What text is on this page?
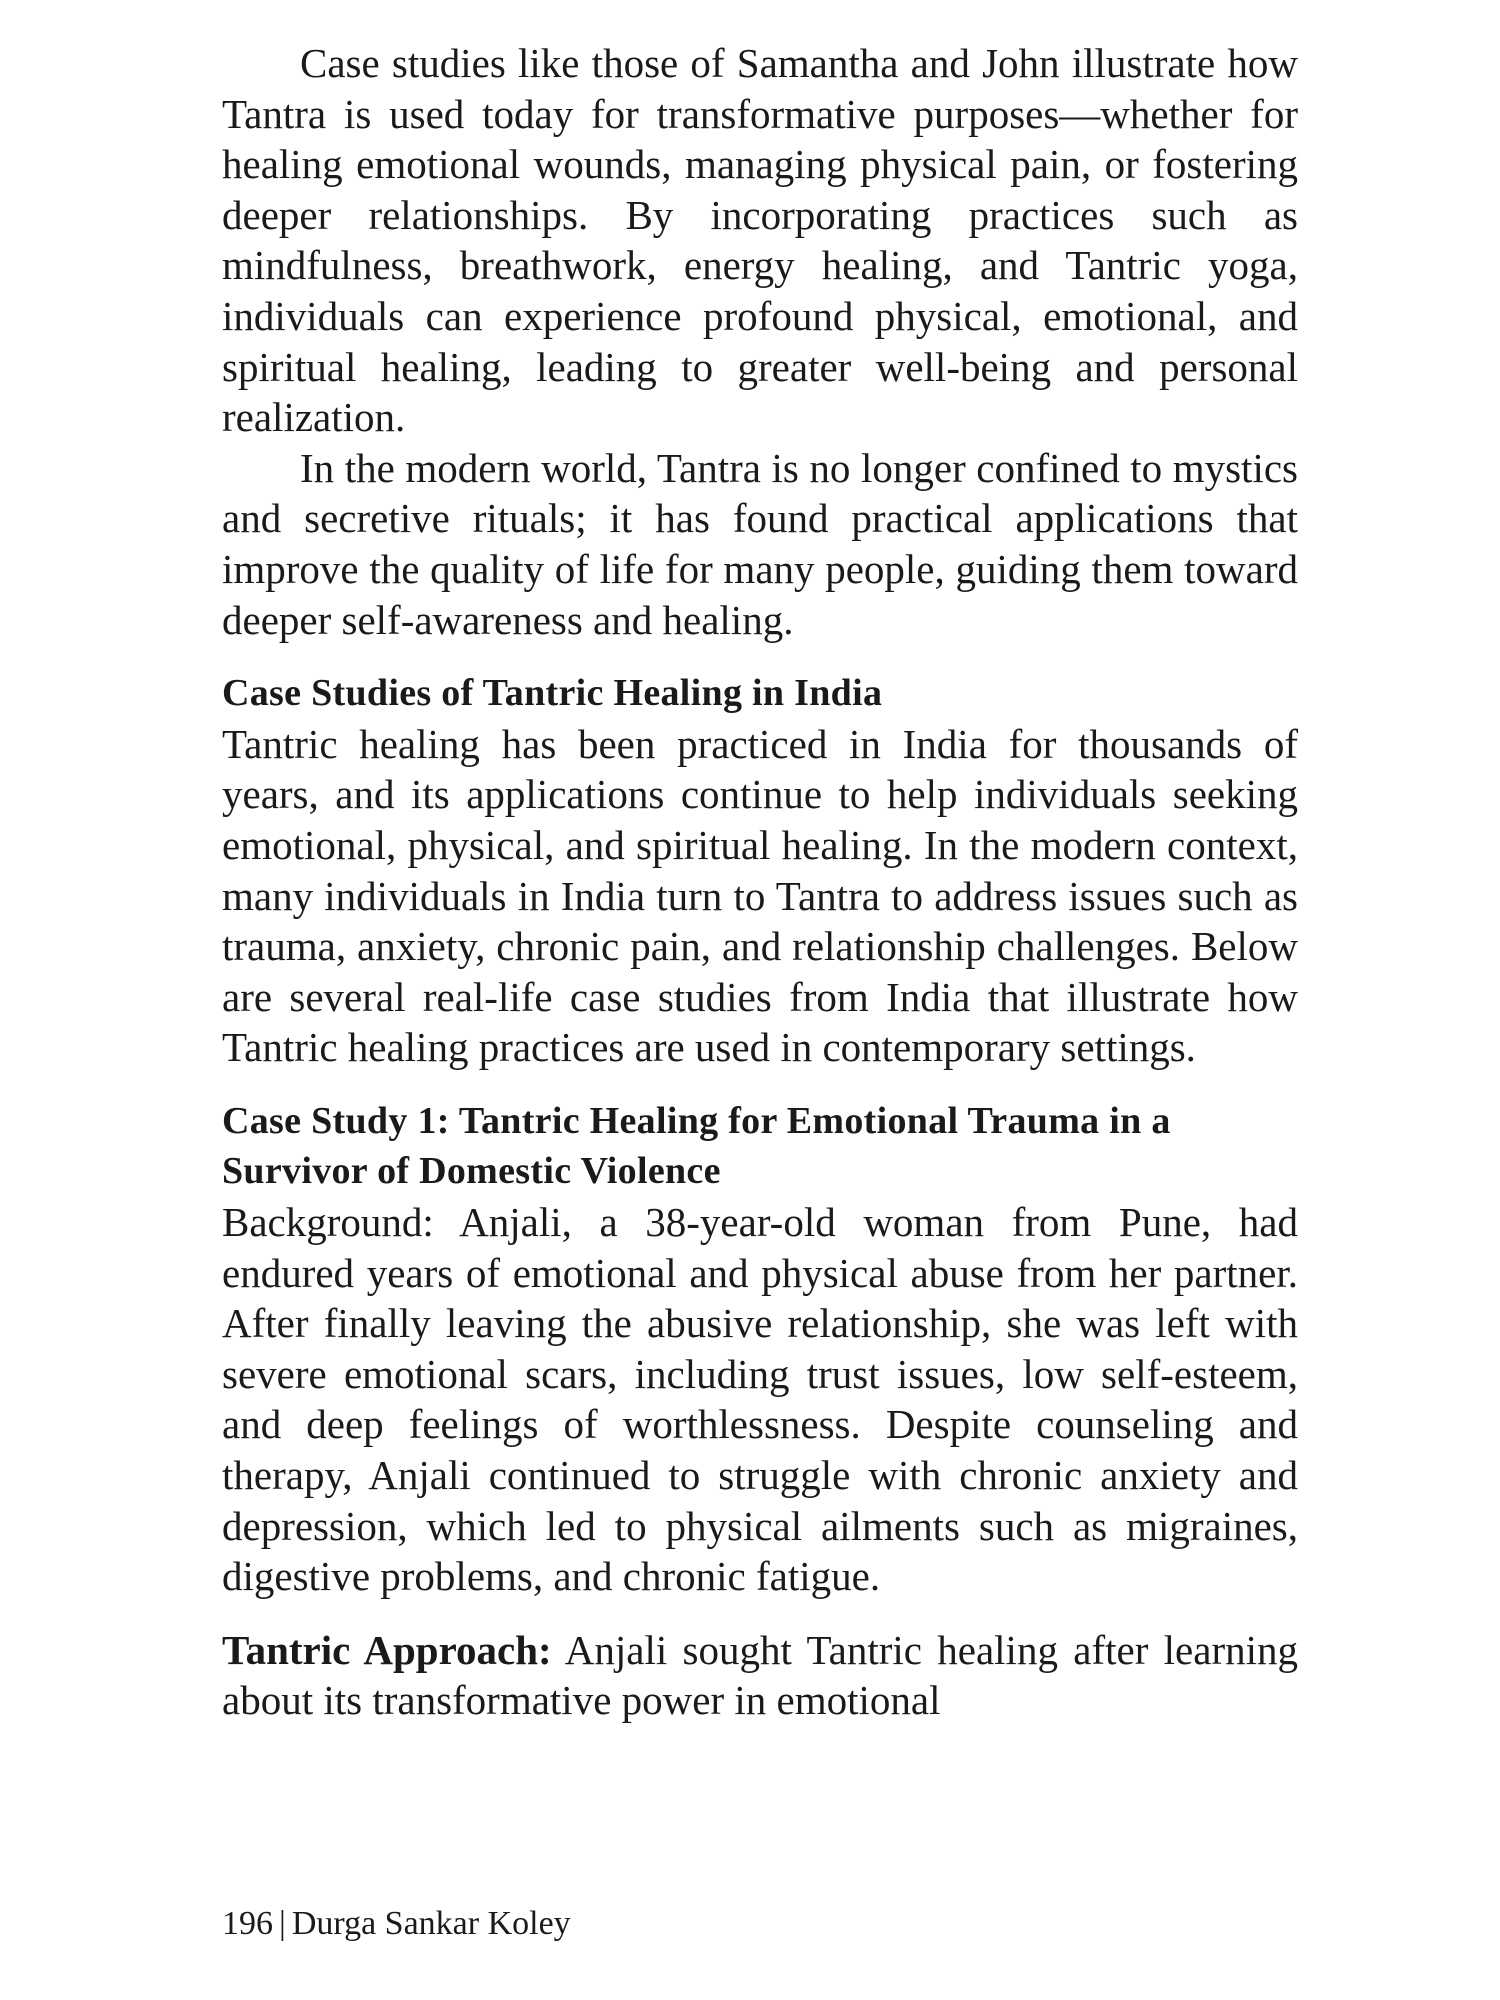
Case studies like those of Samantha and John illustrate how Tantra is used today for transformative purposes—whether for healing emotional wounds, managing physical pain, or fostering deeper relationships. By incorporating practices such as mindfulness, breathwork, energy healing, and Tantric yoga, individuals can experience profound physical, emotional, and spiritual healing, leading to greater well-being and personal realization.

In the modern world, Tantra is no longer confined to mystics and secretive rituals; it has found practical applications that improve the quality of life for many people, guiding them toward deeper self-awareness and healing.

Case Studies of Tantric Healing in India

Tantric healing has been practiced in India for thousands of years, and its applications continue to help individuals seeking emotional, physical, and spiritual healing. In the modern context, many individuals in India turn to Tantra to address issues such as trauma, anxiety, chronic pain, and relationship challenges. Below are several real-life case studies from India that illustrate how Tantric healing practices are used in contemporary settings.

Case Study 1: Tantric Healing for Emotional Trauma in a Survivor of Domestic Violence

Background: Anjali, a 38-year-old woman from Pune, had endured years of emotional and physical abuse from her partner. After finally leaving the abusive relationship, she was left with severe emotional scars, including trust issues, low self-esteem, and deep feelings of worthlessness. Despite counseling and therapy, Anjali continued to struggle with chronic anxiety and depression, which led to physical ailments such as migraines, digestive problems, and chronic fatigue.

Tantric Approach: Anjali sought Tantric healing after learning about its transformative power in emotional

196 | Durga Sankar Koley
